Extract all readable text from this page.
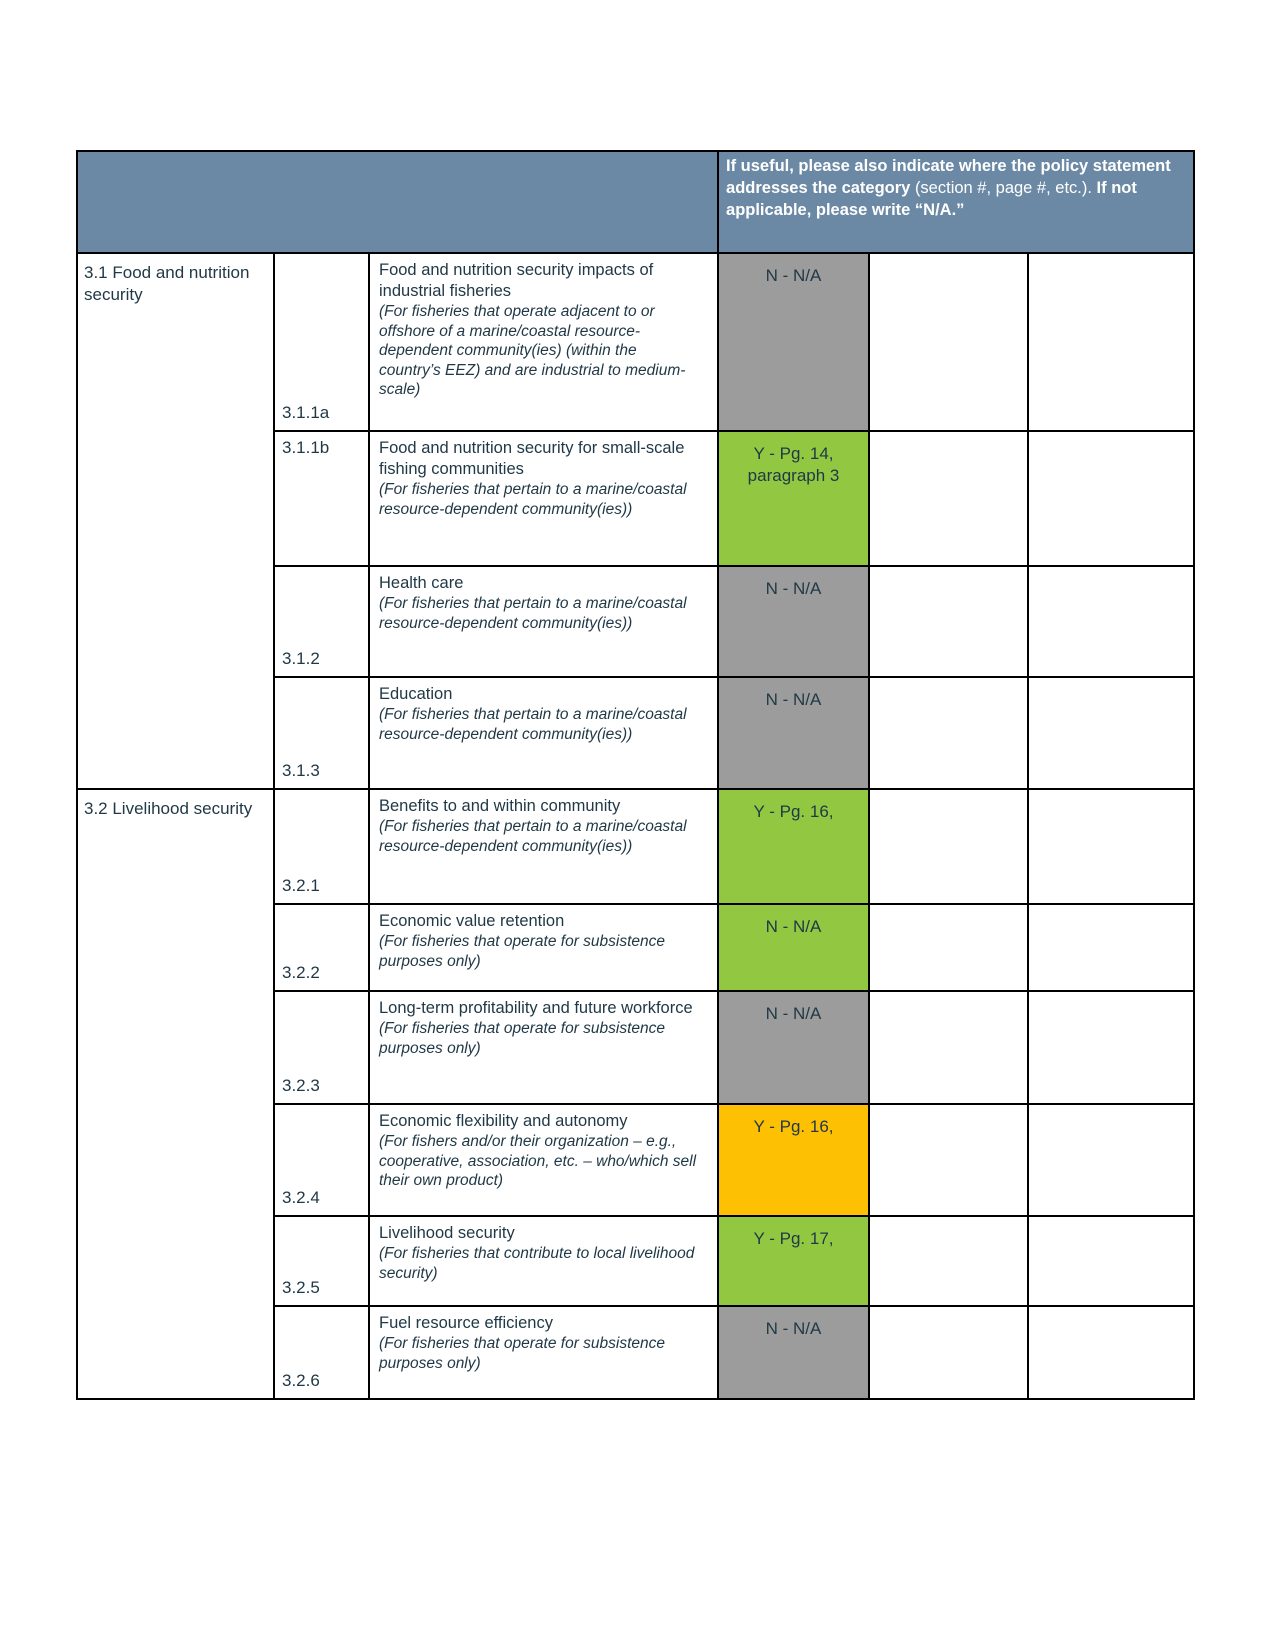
			If useful, please also indicate where the policy statement addresses the category (section #, page #, etc.). If not applicable, please write “N/A.”		
3.1 Food and nutrition security	3.1.1a	Food and nutrition security impacts of industrial fisheries
(For fisheries that operate adjacent to or offshore of a marine/coastal resource-dependent community(ies) (within the country’s EEZ) and are industrial to medium-scale)	N - N/A		
	3.1.1b	Food and nutrition security for small-scale fishing communities
(For fisheries that pertain to a marine/coastal resource-dependent community(ies))	Y - Pg. 14, paragraph 3		
	3.1.2	Health care
(For fisheries that pertain to a marine/coastal resource-dependent community(ies))	N - N/A		
	3.1.3	Education
(For fisheries that pertain to a marine/coastal resource-dependent community(ies))	N - N/A		
3.2 Livelihood security	3.2.1	Benefits to and within community
(For fisheries that pertain to a marine/coastal resource-dependent community(ies))	Y - Pg. 16,		
	3.2.2	Economic value retention
(For fisheries that operate for subsistence purposes only)	N - N/A		
	3.2.3	Long-term profitability and future workforce
(For fisheries that operate for subsistence purposes only)	N - N/A		
	3.2.4	Economic flexibility and autonomy
(For fishers and/or their organization – e.g., cooperative, association, etc. – who/which sell their own product)	Y - Pg. 16,		
	3.2.5	Livelihood security
(For fisheries that contribute to local livelihood security)	Y - Pg. 17,		
	3.2.6	Fuel resource efficiency
(For fisheries that operate for subsistence purposes only)	N - N/A		
